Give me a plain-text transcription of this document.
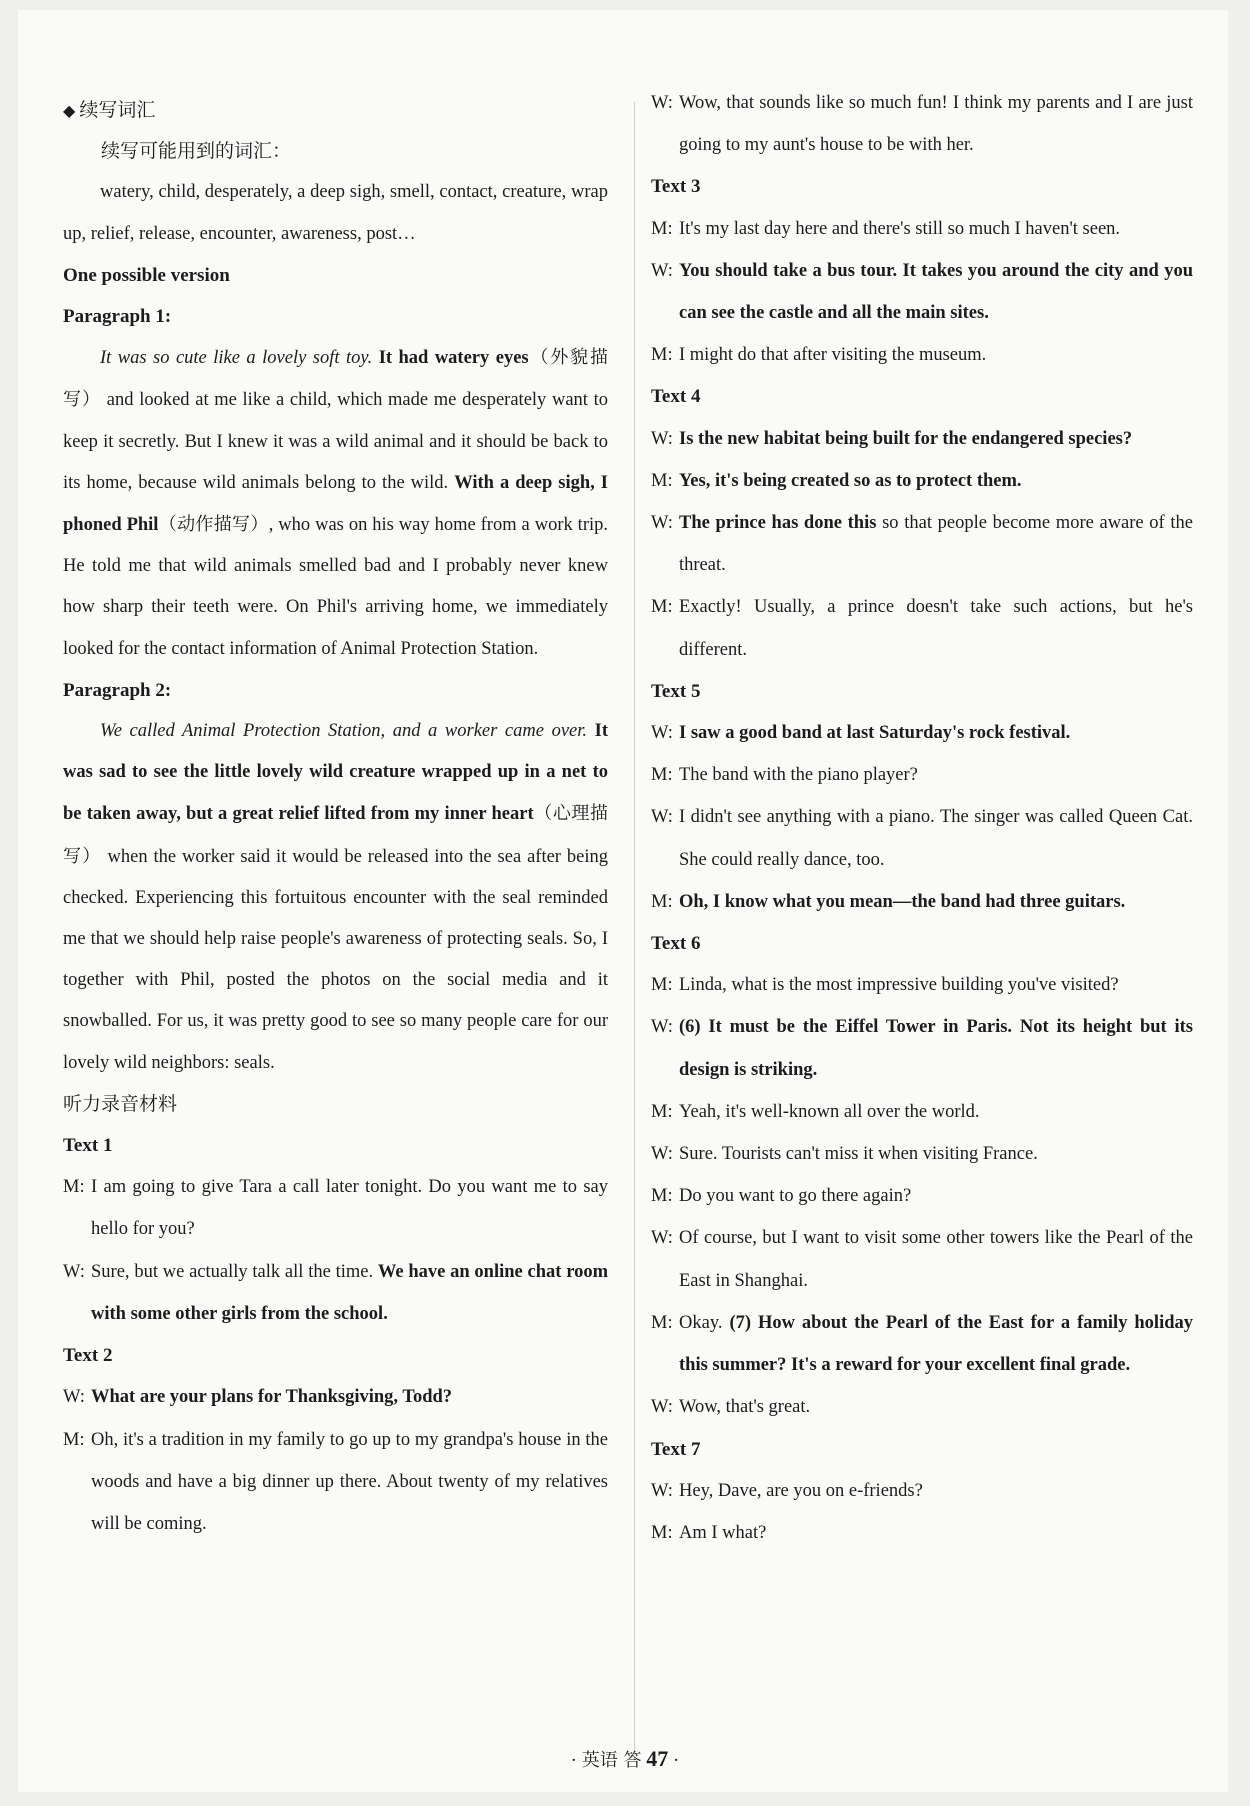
◆ 续写词汇
续写可能用到的词汇：
watery, child, desperately, a deep sigh, smell, contact, creature, wrap up, relief, release, encounter, awareness, post…
One possible version
Paragraph 1:
It was so cute like a lovely soft toy. It had watery eyes（外貌描写） and looked at me like a child, which made me desperately want to keep it secretly. But I knew it was a wild animal and it should be back to its home, because wild animals belong to the wild. With a deep sigh, I phoned Phil（动作描写）, who was on his way home from a work trip. He told me that wild animals smelled bad and I probably never knew how sharp their teeth were. On Phil's arriving home, we immediately looked for the contact information of Animal Protection Station.
Paragraph 2:
We called Animal Protection Station, and a worker came over. It was sad to see the little lovely wild creature wrapped up in a net to be taken away, but a great relief lifted from my inner heart（心理描写） when the worker said it would be released into the sea after being checked. Experiencing this fortuitous encounter with the seal reminded me that we should help raise people's awareness of protecting seals. So, I together with Phil, posted the photos on the social media and it snowballed. For us, it was pretty good to see so many people care for our lovely wild neighbors: seals.
听力录音材料
Text 1
M: I am going to give Tara a call later tonight. Do you want me to say hello for you?
W: Sure, but we actually talk all the time. We have an online chat room with some other girls from the school.
Text 2
W: What are your plans for Thanksgiving, Todd?
M: Oh, it's a tradition in my family to go up to my grandpa's house in the woods and have a big dinner up there. About twenty of my relatives will be coming.
W: Wow, that sounds like so much fun! I think my parents and I are just going to my aunt's house to be with her.
Text 3
M: It's my last day here and there's still so much I haven't seen.
W: You should take a bus tour. It takes you around the city and you can see the castle and all the main sites.
M: I might do that after visiting the museum.
Text 4
W: Is the new habitat being built for the endangered species?
M: Yes, it's being created so as to protect them.
W: The prince has done this so that people become more aware of the threat.
M: Exactly! Usually, a prince doesn't take such actions, but he's different.
Text 5
W: I saw a good band at last Saturday's rock festival.
M: The band with the piano player?
W: I didn't see anything with a piano. The singer was called Queen Cat. She could really dance, too.
M: Oh, I know what you mean—the band had three guitars.
Text 6
M: Linda, what is the most impressive building you've visited?
W: (6) It must be the Eiffel Tower in Paris. Not its height but its design is striking.
M: Yeah, it's well-known all over the world.
W: Sure. Tourists can't miss it when visiting France.
M: Do you want to go there again?
W: Of course, but I want to visit some other towers like the Pearl of the East in Shanghai.
M: Okay. (7) How about the Pearl of the East for a family holiday this summer? It's a reward for your excellent final grade.
W: Wow, that's great.
Text 7
W: Hey, Dave, are you on e-friends?
M: Am I what?
· 英语 答 47 ·
